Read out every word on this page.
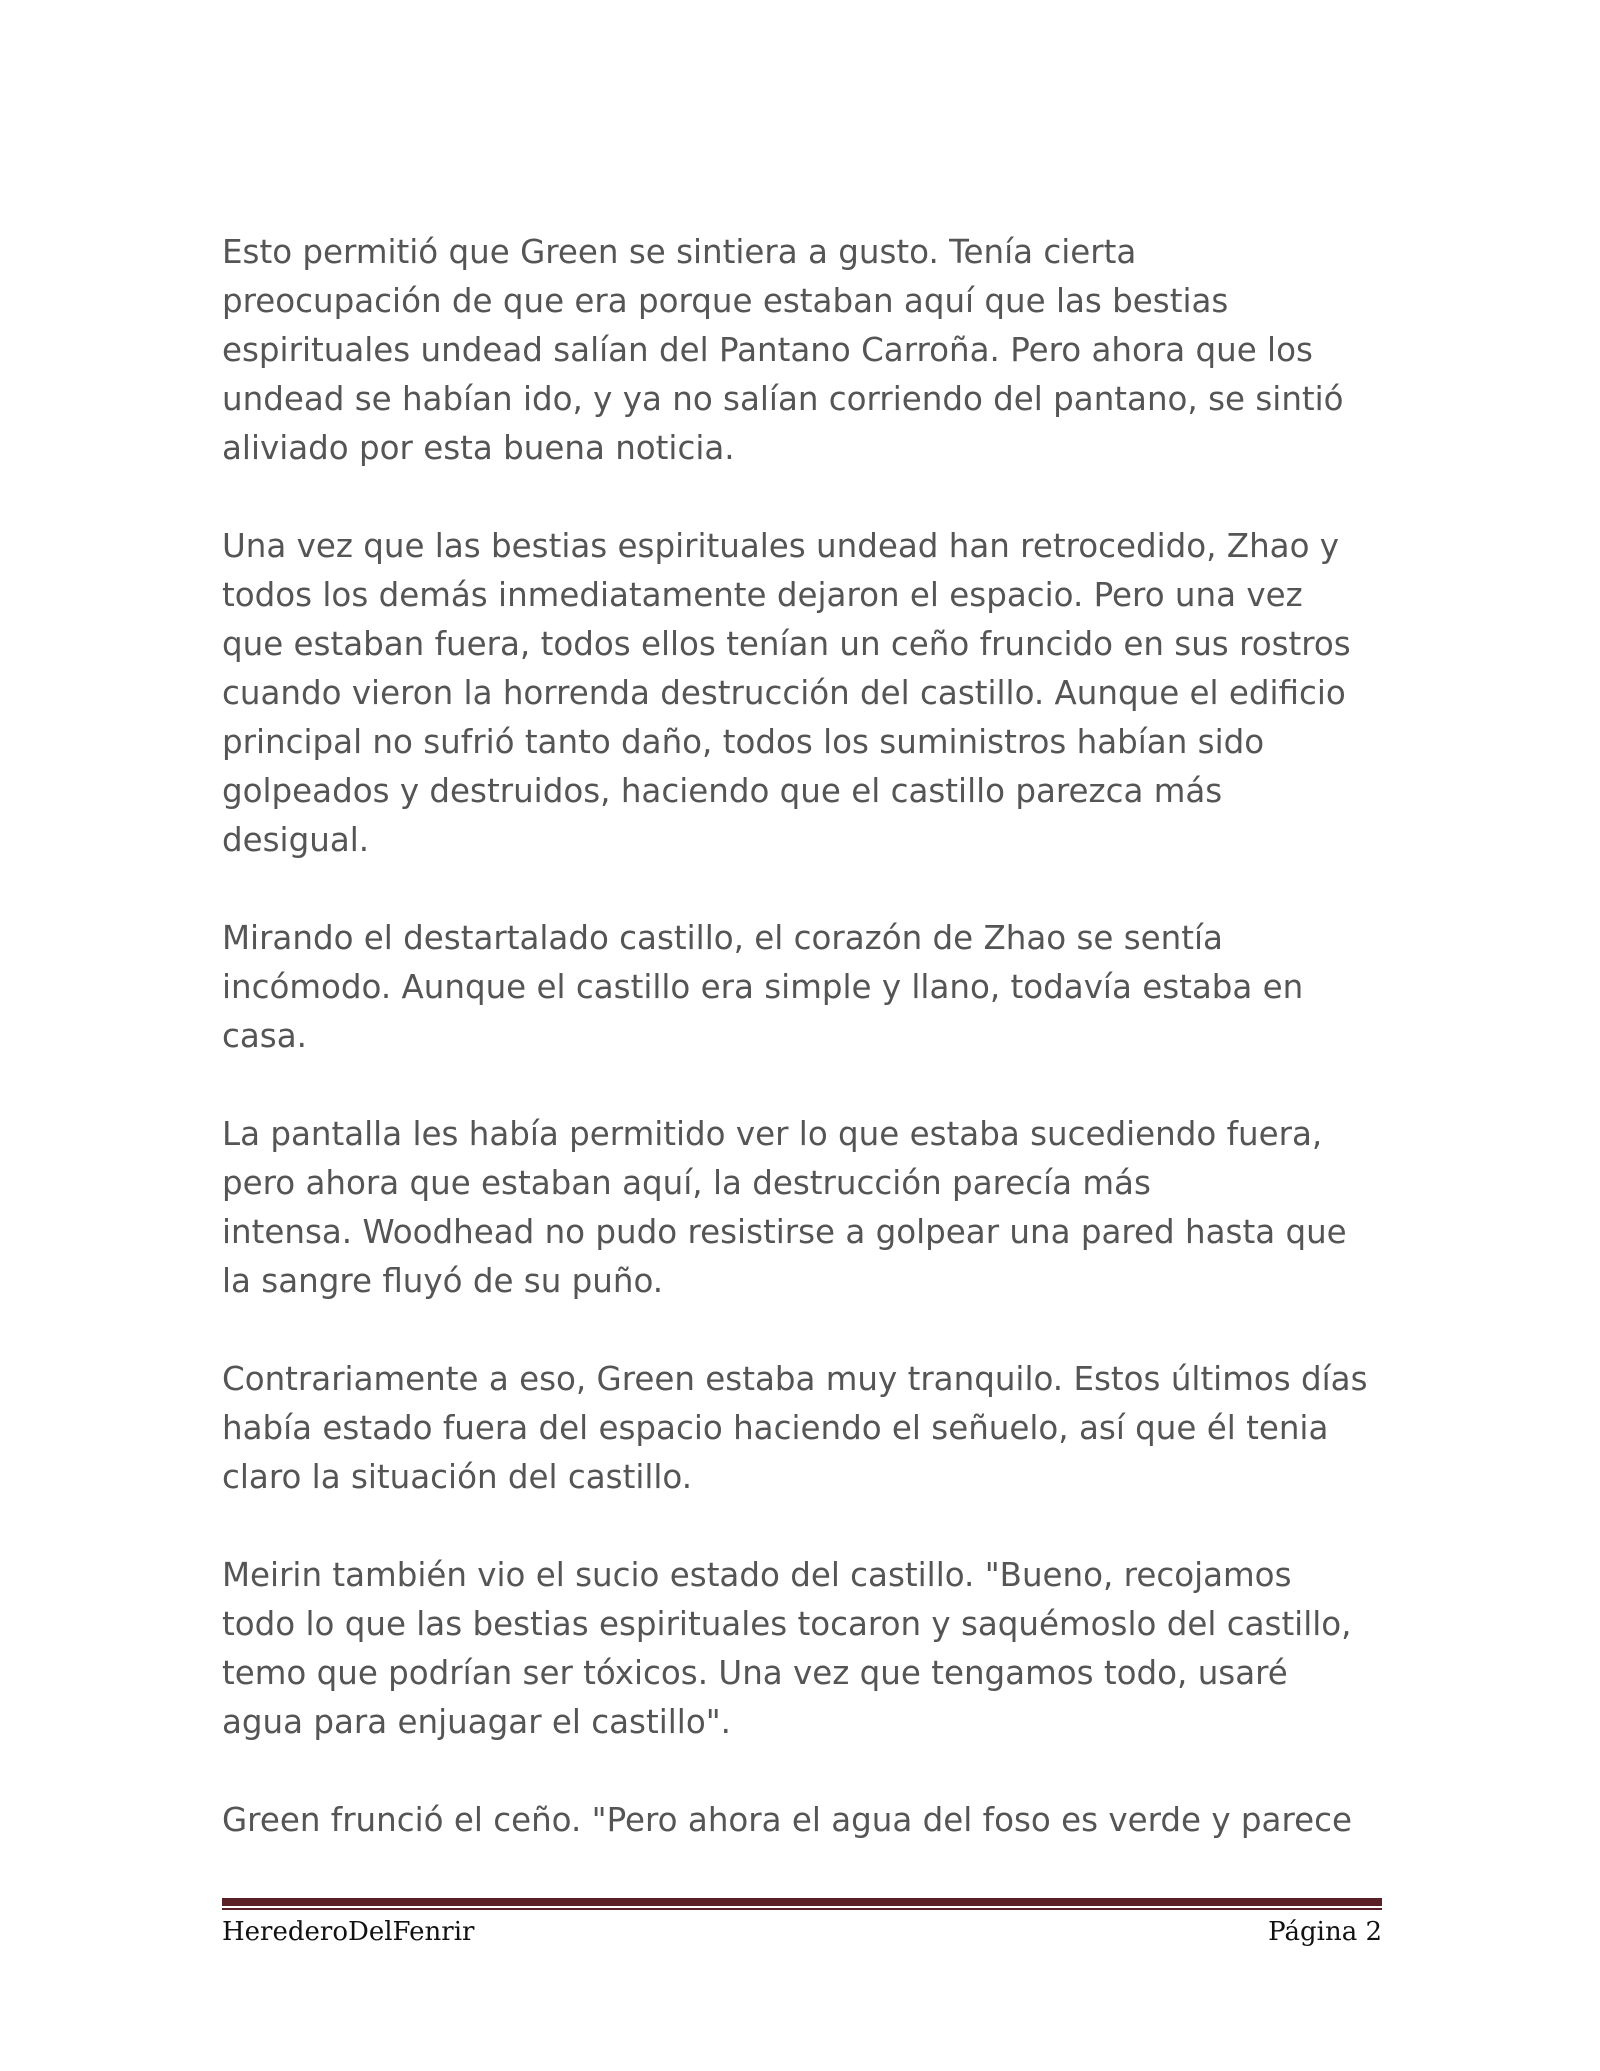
Esto permitió que Green se sintiera a gusto. Tenía cierta
preocupación de que era porque estaban aquí que las bestias
espirituales undead salían del Pantano Carroña. Pero ahora que los
undead se habían ido, y ya no salían corriendo del pantano, se sintió
aliviado por esta buena noticia.

Una vez que las bestias espirituales undead han retrocedido, Zhao y
todos los demás inmediatamente dejaron el espacio. Pero una vez
que estaban fuera, todos ellos tenían un ceño fruncido en sus rostros
cuando vieron la horrenda destrucción del castillo. Aunque el edificio
principal no sufrió tanto daño, todos los suministros habían sido
golpeados y destruidos, haciendo que el castillo parezca más
desigual.

Mirando el destartalado castillo, el corazón de Zhao se sentía
incómodo. Aunque el castillo era simple y llano, todavía estaba en
casa.

La pantalla les había permitido ver lo que estaba sucediendo fuera,
pero ahora que estaban aquí, la destrucción parecía más
intensa. Woodhead no pudo resistirse a golpear una pared hasta que
la sangre fluyó de su puño.

Contrariamente a eso, Green estaba muy tranquilo. Estos últimos días
había estado fuera del espacio haciendo el señuelo, así que él tenia
claro la situación del castillo.

Meirin también vio el sucio estado del castillo. "Bueno, recojamos
todo lo que las bestias espirituales tocaron y saquémoslo del castillo,
temo que podrían ser tóxicos. Una vez que tengamos todo, usaré
agua para enjuagar el castillo".

Green frunció el ceño. "Pero ahora el agua del foso es verde y parece

HerederoDelFenrir	Página 2
